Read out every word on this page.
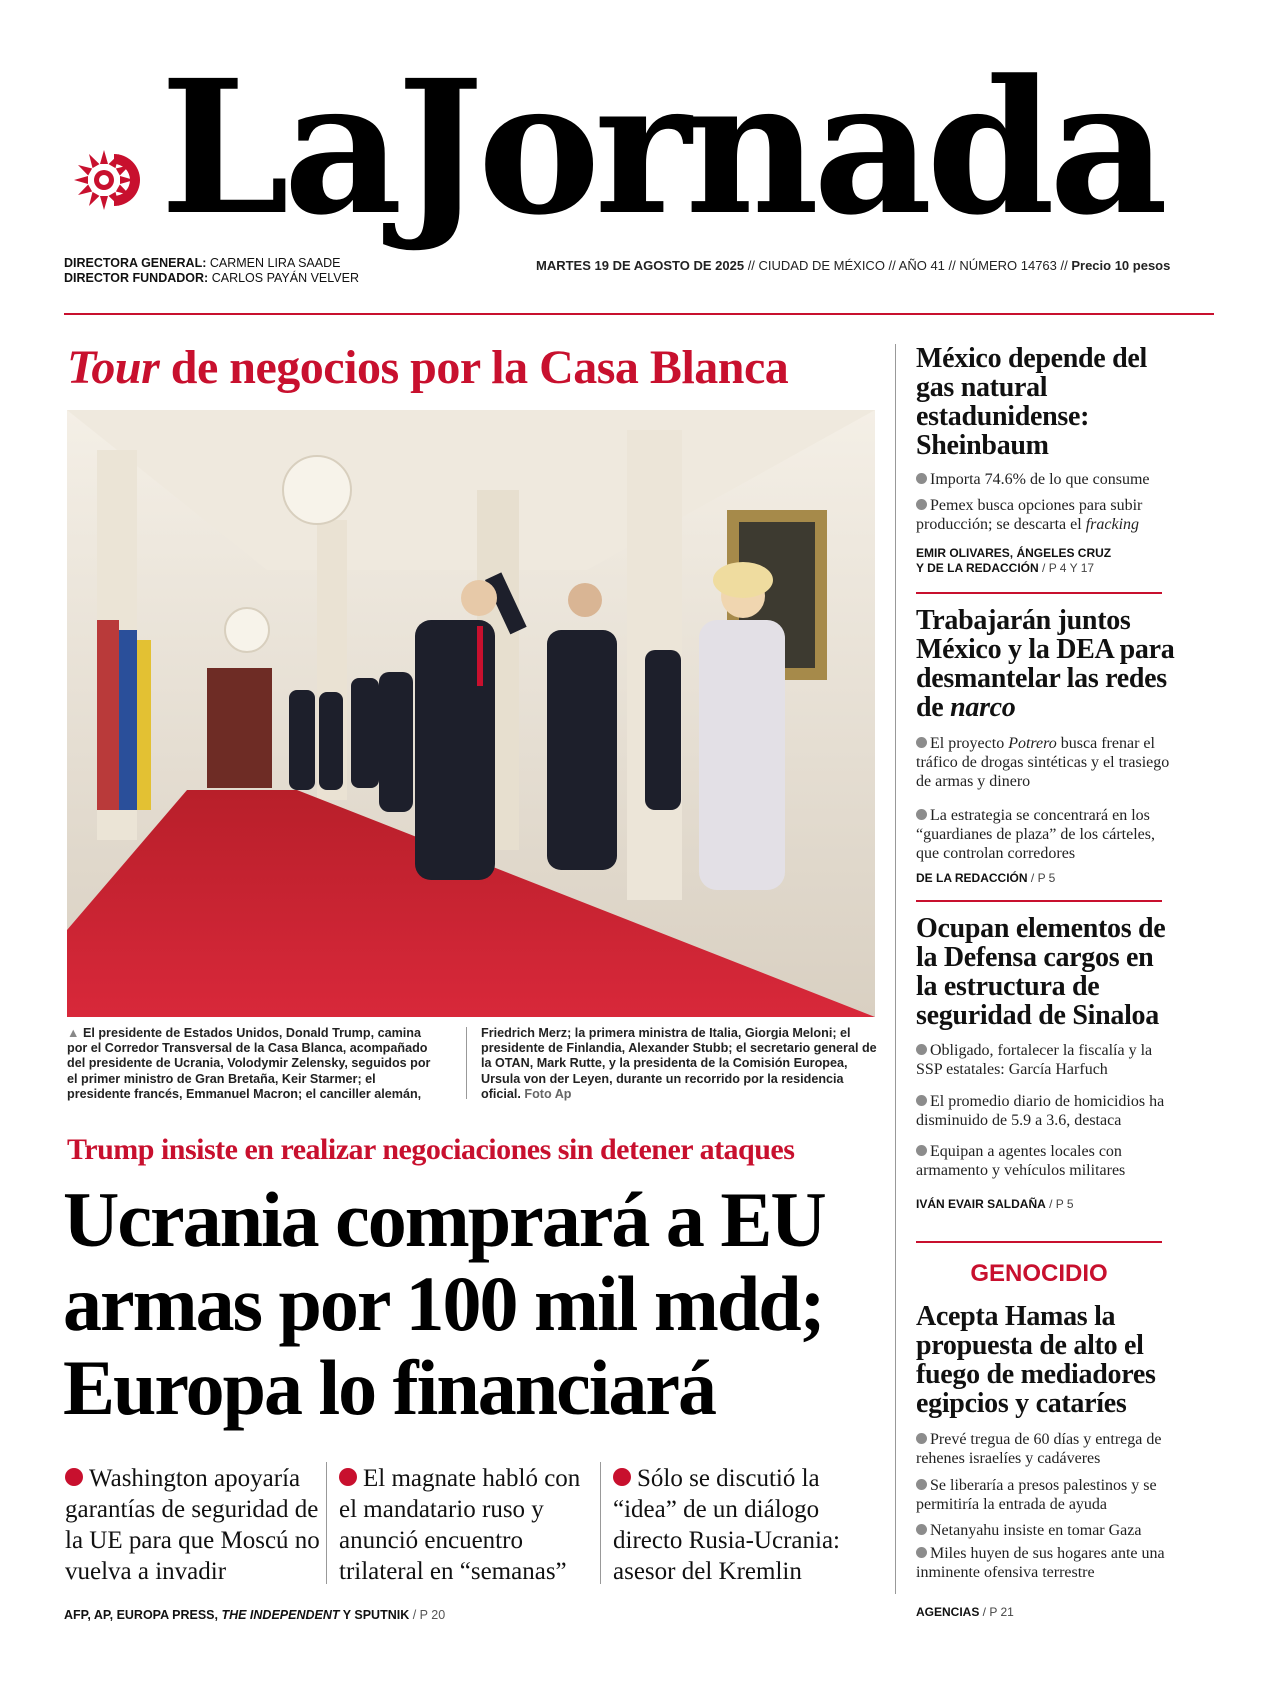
LaJornada
DIRECTORA GENERAL: CARMEN LIRA SAADE
DIRECTOR FUNDADOR: CARLOS PAYÁN VELVER
MARTES 19 DE AGOSTO DE 2025 // CIUDAD DE MÉXICO // AÑO 41 // NÚMERO 14763 // Precio 10 pesos
Tour de negocios por la Casa Blanca
▲ El presidente de Estados Unidos, Donald Trump, camina por el Corredor Transversal de la Casa Blanca, acompañado del presidente de Ucrania, Volodymir Zelensky, seguidos por el primer ministro de Gran Bretaña, Keir Starmer; el presidente francés, Emmanuel Macron; el canciller alemán,
Friedrich Merz; la primera ministra de Italia, Giorgia Meloni; el presidente de Finlandia, Alexander Stubb; el secretario general de la OTAN, Mark Rutte, y la presidenta de la Comisión Europea, Ursula von der Leyen, durante un recorrido por la residencia oficial. Foto Ap
Trump insiste en realizar negociaciones sin detener ataques
Ucrania comprará a EU armas por 100 mil mdd; Europa lo financiará
Washington apoyaría garantías de seguridad de la UE para que Moscú no vuelva a invadir
El magnate habló con el mandatario ruso y anunció encuentro trilateral en “semanas”
Sólo se discutió la “idea” de un diálogo directo Rusia-Ucrania: asesor del Kremlin
AFP, AP, EUROPA PRESS, THE INDEPENDENT Y SPUTNIK / P 20
México depende del gas natural estadunidense: Sheinbaum
Importa 74.6% de lo que consume
Pemex busca opciones para subir producción; se descarta el fracking
EMIR OLIVARES, ÁNGELES CRUZ
Y DE LA REDACCIÓN / P 4 Y 17
Trabajarán juntos México y la DEA para desmantelar las redes de narco
El proyecto Potrero busca frenar el tráfico de drogas sintéticas y el trasiego de armas y dinero
La estrategia se concentrará en los “guardianes de plaza” de los cárteles, que controlan corredores
DE LA REDACCIÓN / P 5
Ocupan elementos de la Defensa cargos en la estructura de seguridad de Sinaloa
Obligado, fortalecer la fiscalía y la SSP estatales: García Harfuch
El promedio diario de homicidios ha disminuido de 5.9 a 3.6, destaca
Equipan a agentes locales con armamento y vehículos militares
IVÁN EVAIR SALDAÑA / P 5
GENOCIDIO
Acepta Hamas la propuesta de alto el fuego de mediadores egipcios y cataríes
Prevé tregua de 60 días y entrega de rehenes israelíes y cadáveres
Se liberaría a presos palestinos y se permitiría la entrada de ayuda
Netanyahu insiste en tomar Gaza
Miles huyen de sus hogares ante una inminente ofensiva terrestre
AGENCIAS / P 21
